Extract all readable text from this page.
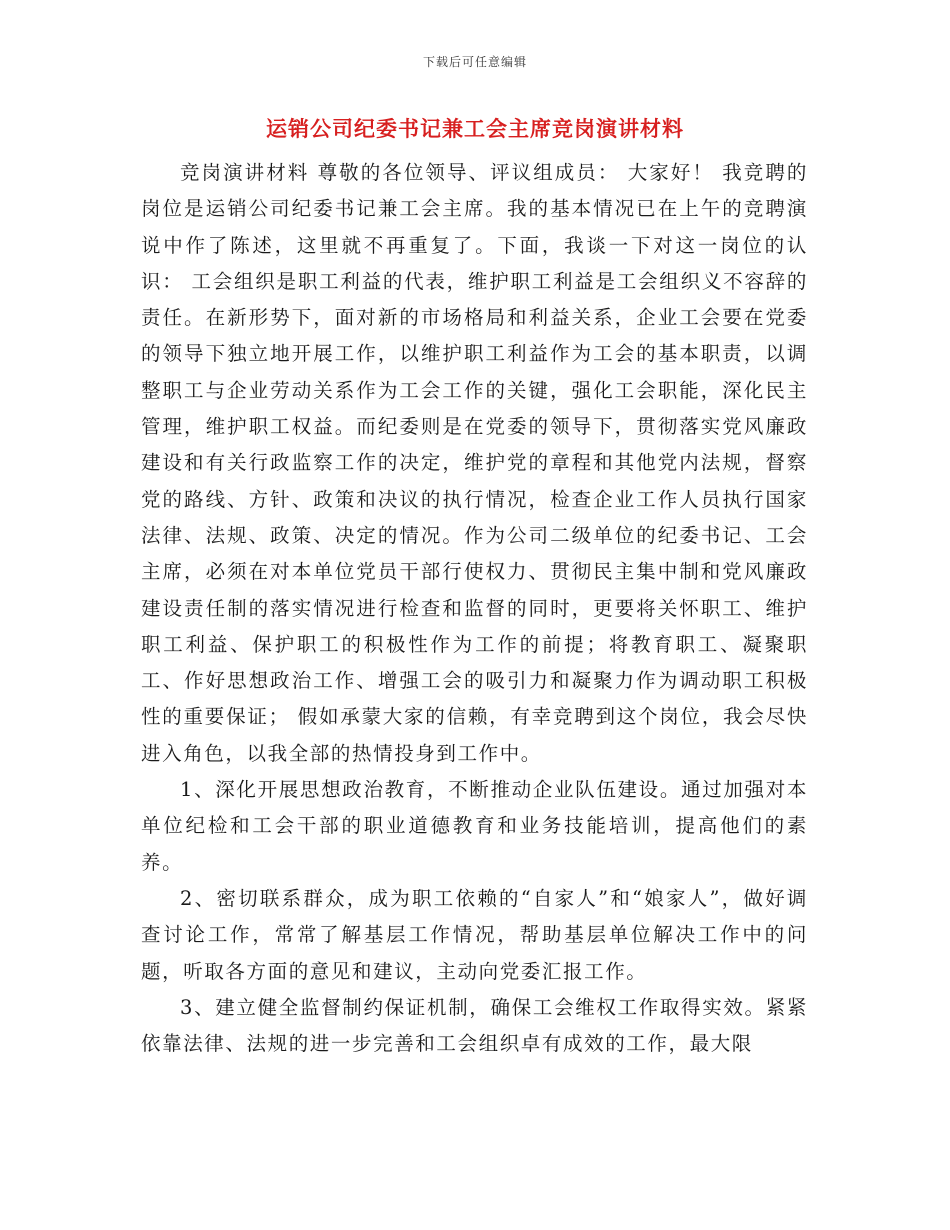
下载后可任意编辑
运销公司纪委书记兼工会主席竞岗演讲材料

竞岗演讲材料 尊敬的各位领导、评议组成员： 大家好！ 我竞聘的岗位是运销公司纪委书记兼工会主席。我的基本情况已在上午的竞聘演说中作了陈述，这里就不再重复了。下面，我谈一下对这一岗位的认识： 工会组织是职工利益的代表，维护职工利益是工会组织义不容辞的责任。在新形势下，面对新的市场格局和利益关系，企业工会要在党委的领导下独立地开展工作，以维护职工利益作为工会的基本职责，以调整职工与企业劳动关系作为工会工作的关键，强化工会职能，深化民主管理，维护职工权益。而纪委则是在党委的领导下，贯彻落实党风廉政建设和有关行政监察工作的决定，维护党的章程和其他党内法规，督察党的路线、方针、政策和决议的执行情况，检查企业工作人员执行国家法律、法规、政策、决定的情况。作为公司二级单位的纪委书记、工会主席，必须在对本单位党员干部行使权力、贯彻民主集中制和党风廉政建设责任制的落实情况进行检查和监督的同时，更要将关怀职工、维护职工利益、保护职工的积极性作为工作的前提；将教育职工、凝聚职工、作好思想政治工作、增强工会的吸引力和凝聚力作为调动职工积极性的重要保证； 假如承蒙大家的信赖，有幸竞聘到这个岗位，我会尽快进入角色，以我全部的热情投身到工作中。

1、深化开展思想政治教育，不断推动企业队伍建设。通过加强对本单位纪检和工会干部的职业道德教育和业务技能培训，提高他们的素养。

2、密切联系群众，成为职工依赖的“自家人”和“娘家人”，做好调查讨论工作，常常了解基层工作情况，帮助基层单位解决工作中的问题，听取各方面的意见和建议，主动向党委汇报工作。

3、建立健全监督制约保证机制，确保工会维权工作取得实效。紧紧依靠法律、法规的进一步完善和工会组织卓有成效的工作，最大限
